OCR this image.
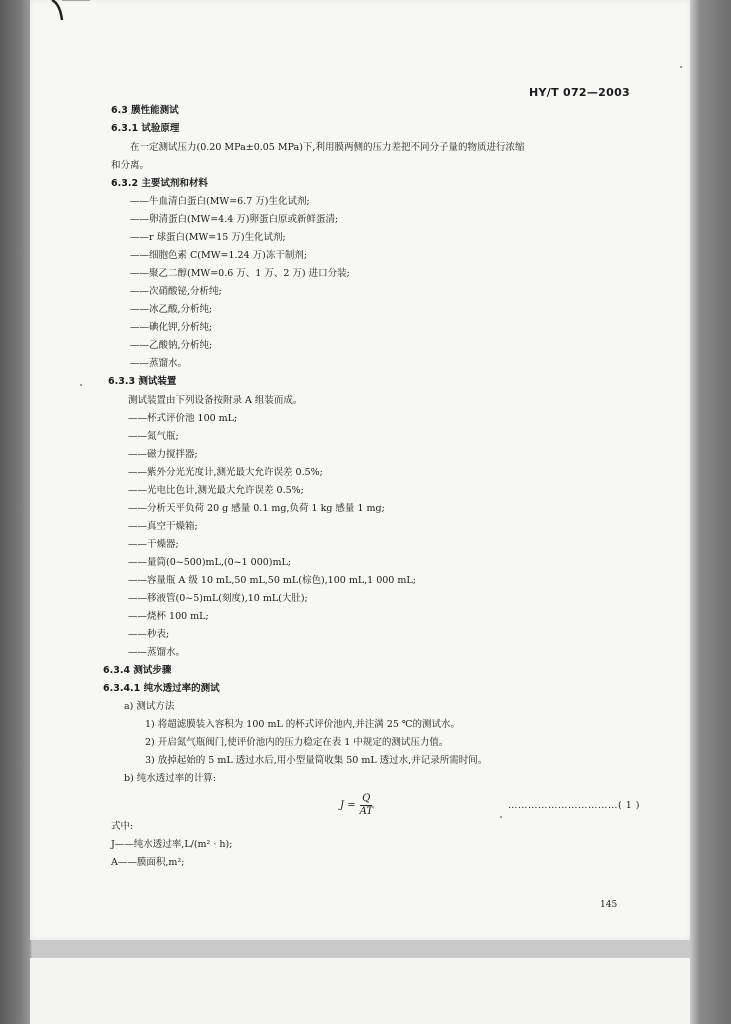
HY/T 072—2003
6.3 膜性能测试
6.3.1 试验原理
在一定测试压力(0.20 MPa±0.05 MPa)下,利用膜两侧的压力差把不同分子量的物质进行浓缩
和分离。
6.3.2 主要试剂和材料
——牛血清白蛋白(MW=6.7 万)生化试剂;
——卵清蛋白(MW=4.4 万)卵蛋白原或新鲜蛋清;
——r 球蛋白(MW=15 万)生化试剂;
——细胞色素 C(MW=1.24 万)冻干制剂;
——聚乙二醇(MW=0.6 万、1 万、2 万) 进口分装;
——次硝酸铋,分析纯;
——冰乙酸,分析纯;
——碘化钾,分析纯;
——乙酸钠,分析纯;
——蒸馏水。
6.3.3 测试装置
测试装置由下列设备按附录 A 组装而成。
——杯式评价池 100 mL;
——氮气瓶;
——磁力搅拌器;
——紫外分光光度计,测光最大允许误差 0.5%;
——光电比色计,测光最大允许误差 0.5%;
——分析天平负荷 20 g 感量 0.1 mg,负荷 1 kg 感量 1 mg;
——真空干燥箱;
——干燥器;
——量筒(0~500)mL,(0~1 000)mL;
——容量瓶 A 级 10 mL,50 mL,50 mL(棕色),100 mL,1 000 mL;
——移液管(0~5)mL(刻度),10 mL(大肚);
——烧杯 100 mL;
——秒表;
——蒸馏水。
6.3.4 测试步骤
6.3.4.1 纯水透过率的测试
a) 测试方法
1) 将超滤膜装入容积为 100 mL 的杯式评价池内,并注满 25 ℃的测试水。
2) 开启氮气瓶阀门,使评价池内的压力稳定在表 1 中规定的测试压力值。
3) 放掉起始的 5 mL 透过水后,用小型量筒收集 50 mL 透过水,并记录所需时间。
b) 纯水透过率的计算:
式中:
J——纯水透过率,L/(m² · h);
A——膜面积,m²;
$J = \frac{Q}{AT}$	……………………………( 1 )
145
